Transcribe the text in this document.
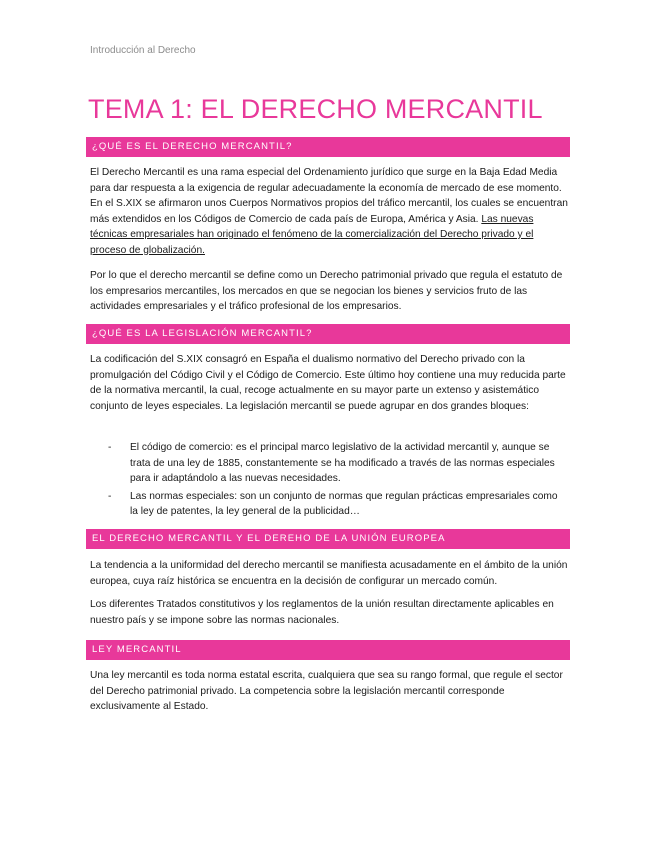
Introducción al Derecho
TEMA 1: EL DERECHO MERCANTIL
¿QUÉ ES EL DERECHO MERCANTIL?

El Derecho Mercantil es una rama especial del Ordenamiento jurídico que surge en la Baja Edad Media para dar respuesta a la exigencia de regular adecuadamente la economía de mercado de ese momento. En el S.XIX se afirmaron unos Cuerpos Normativos propios del tráfico mercantil, los cuales se encuentran más extendidos en los Códigos de Comercio de cada país de Europa, América y Asia. Las nuevas técnicas empresariales han originado el fenómeno de la comercialización del Derecho privado y el proceso de globalización.

Por lo que el derecho mercantil se define como un Derecho patrimonial privado que regula el estatuto de los empresarios mercantiles, los mercados en que se negocian los bienes y servicios fruto de las actividades empresariales y el tráfico profesional de los empresarios.

¿QUÉ ES LA LEGISLACIÓN MERCANTIL?

La codificación del S.XIX consagró en España el dualismo normativo del Derecho privado con la promulgación del Código Civil y el Código de Comercio. Este último hoy contiene una muy reducida parte de la normativa mercantil, la cual, recoge actualmente en su mayor parte un extenso y asistemático conjunto de leyes especiales. La legislación mercantil se puede agrupar en dos grandes bloques:

- El código de comercio: es el principal marco legislativo de la actividad mercantil y, aunque se trata de una ley de 1885, constantemente se ha modificado a través de las normas especiales para ir adaptándolo a las nuevas necesidades.
- Las normas especiales: son un conjunto de normas que regulan prácticas empresariales como la ley de patentes, la ley general de la publicidad…
EL DERECHO MERCANTIL Y EL DEREHO DE LA UNIÓN EUROPEA

La tendencia a la uniformidad del derecho mercantil se manifiesta acusadamente en el ámbito de la unión europea, cuya raíz histórica se encuentra en la decisión de configurar un mercado común.

Los diferentes Tratados constitutivos y los reglamentos de la unión resultan directamente aplicables en nuestro país y se impone sobre las normas nacionales.

LEY MERCANTIL

Una ley mercantil es toda norma estatal escrita, cualquiera que sea su rango formal, que regule el sector del Derecho patrimonial privado. La competencia sobre la legislación mercantil corresponde exclusivamente al Estado.
